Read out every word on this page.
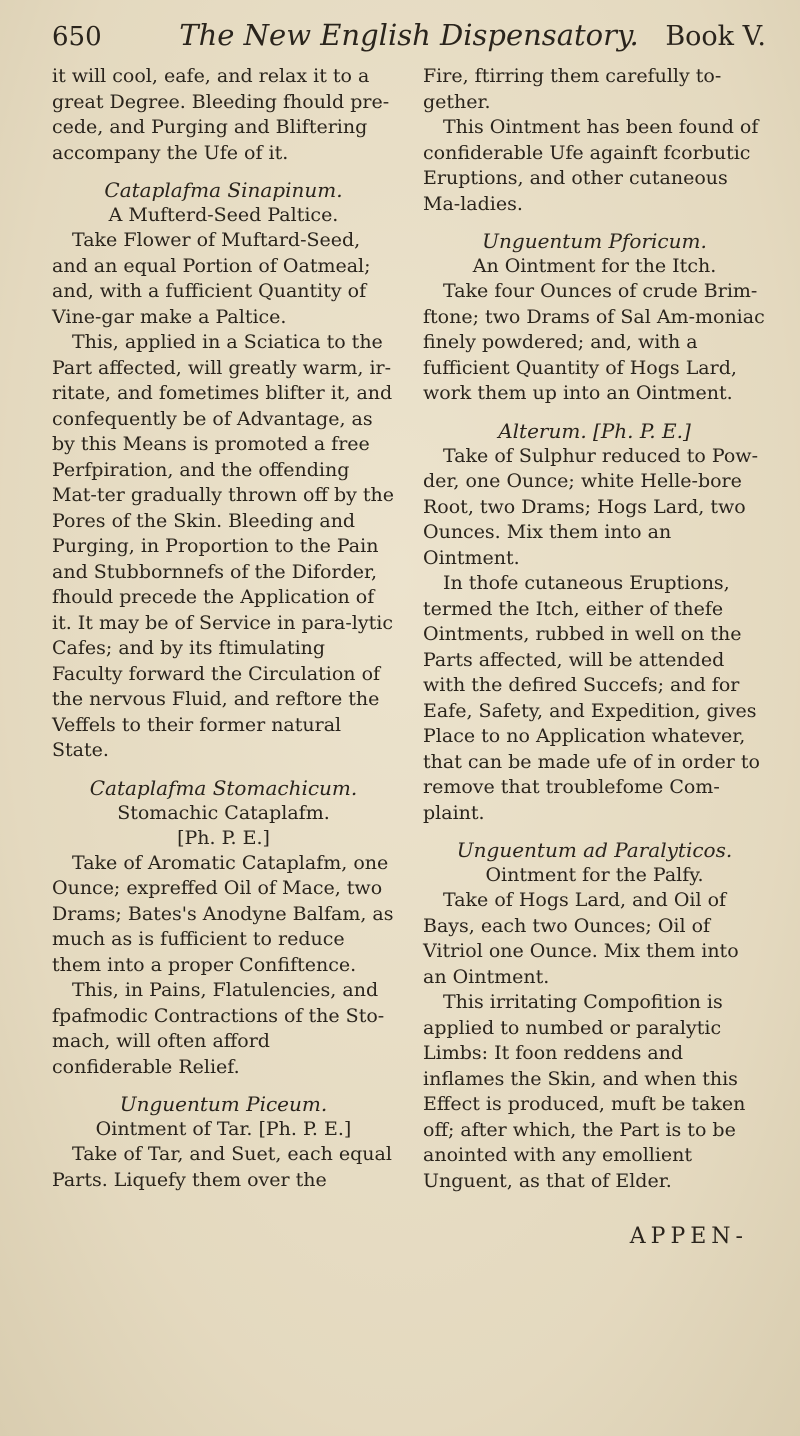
650	The New English Dispensatory. Book V.

it will cool, eafe, and relax it to a great Degree. Bleeding fhould pre-cede, and Purging and Bliftering accompany the Ufe of it.

Cataplafma Sinapinum.

A Mufterd-Seed Paltice.

Take Flower of Muftard-Seed, and an equal Portion of Oatmeal; and, with a fufficient Quantity of Vine-gar make a Paltice.

This, applied in a Sciatica to the Part affected, will greatly warm, ir-ritate, and fometimes blifter it, and confequently be of Advantage, as by this Means is promoted a free Perfpiration, and the offending Mat-ter gradually thrown off by the Pores of the Skin. Bleeding and Purging, in Proportion to the Pain and Stubbornnefs of the Diforder, fhould precede the Application of it. It may be of Service in para-lytic Cafes; and by its ftimulating Faculty forward the Circulation of the nervous Fluid, and reftore the Veffels to their former natural State.

Cataplafma Stomachicum.

Stomachic Cataplafm.

[Ph. P. E.]

Take of Aromatic Cataplafm, one Ounce; expreffed Oil of Mace, two Drams; Bates's Anodyne Balfam, as much as is fufficient to reduce them into a proper Confiftence.

This, in Pains, Flatulencies, and fpafmodic Contractions of the Sto-mach, will often afford confiderable Relief.

Unguentum Piceum.

Ointment of Tar. [Ph. P. E.]

Take of Tar, and Suet, each equal Parts. Liquefy them over the

Fire, ftirring them carefully to-gether.

This Ointment has been found of confiderable Ufe againft fcorbutic Eruptions, and other cutaneous Ma-ladies.

Unguentum Pforicum.

An Ointment for the Itch.

Take four Ounces of crude Brim-ftone; two Drams of Sal Am-moniac finely powdered; and, with a fufficient Quantity of Hogs Lard, work them up into an Ointment.

Alterum. [Ph. P. E.]

Take of Sulphur reduced to Pow-der, one Ounce; white Helle-bore Root, two Drams; Hogs Lard, two Ounces. Mix them into an Ointment.

In thofe cutaneous Eruptions, termed the Itch, either of thefe Ointments, rubbed in well on the Parts affected, will be attended with the defired Succefs; and for Eafe, Safety, and Expedition, gives Place to no Application whatever, that can be made ufe of in order to remove that troublefome Com-plaint.

Unguentum ad Paralyticos.

Ointment for the Palfy.

Take of Hogs Lard, and Oil of Bays, each two Ounces; Oil of Vitriol one Ounce. Mix them into an Ointment.

This irritating Compofition is applied to numbed or paralytic Limbs: It foon reddens and inflames the Skin, and when this Effect is produced, muft be taken off; after which, the Part is to be anointed with any emollient Unguent, as that of Elder.

APPEN-
